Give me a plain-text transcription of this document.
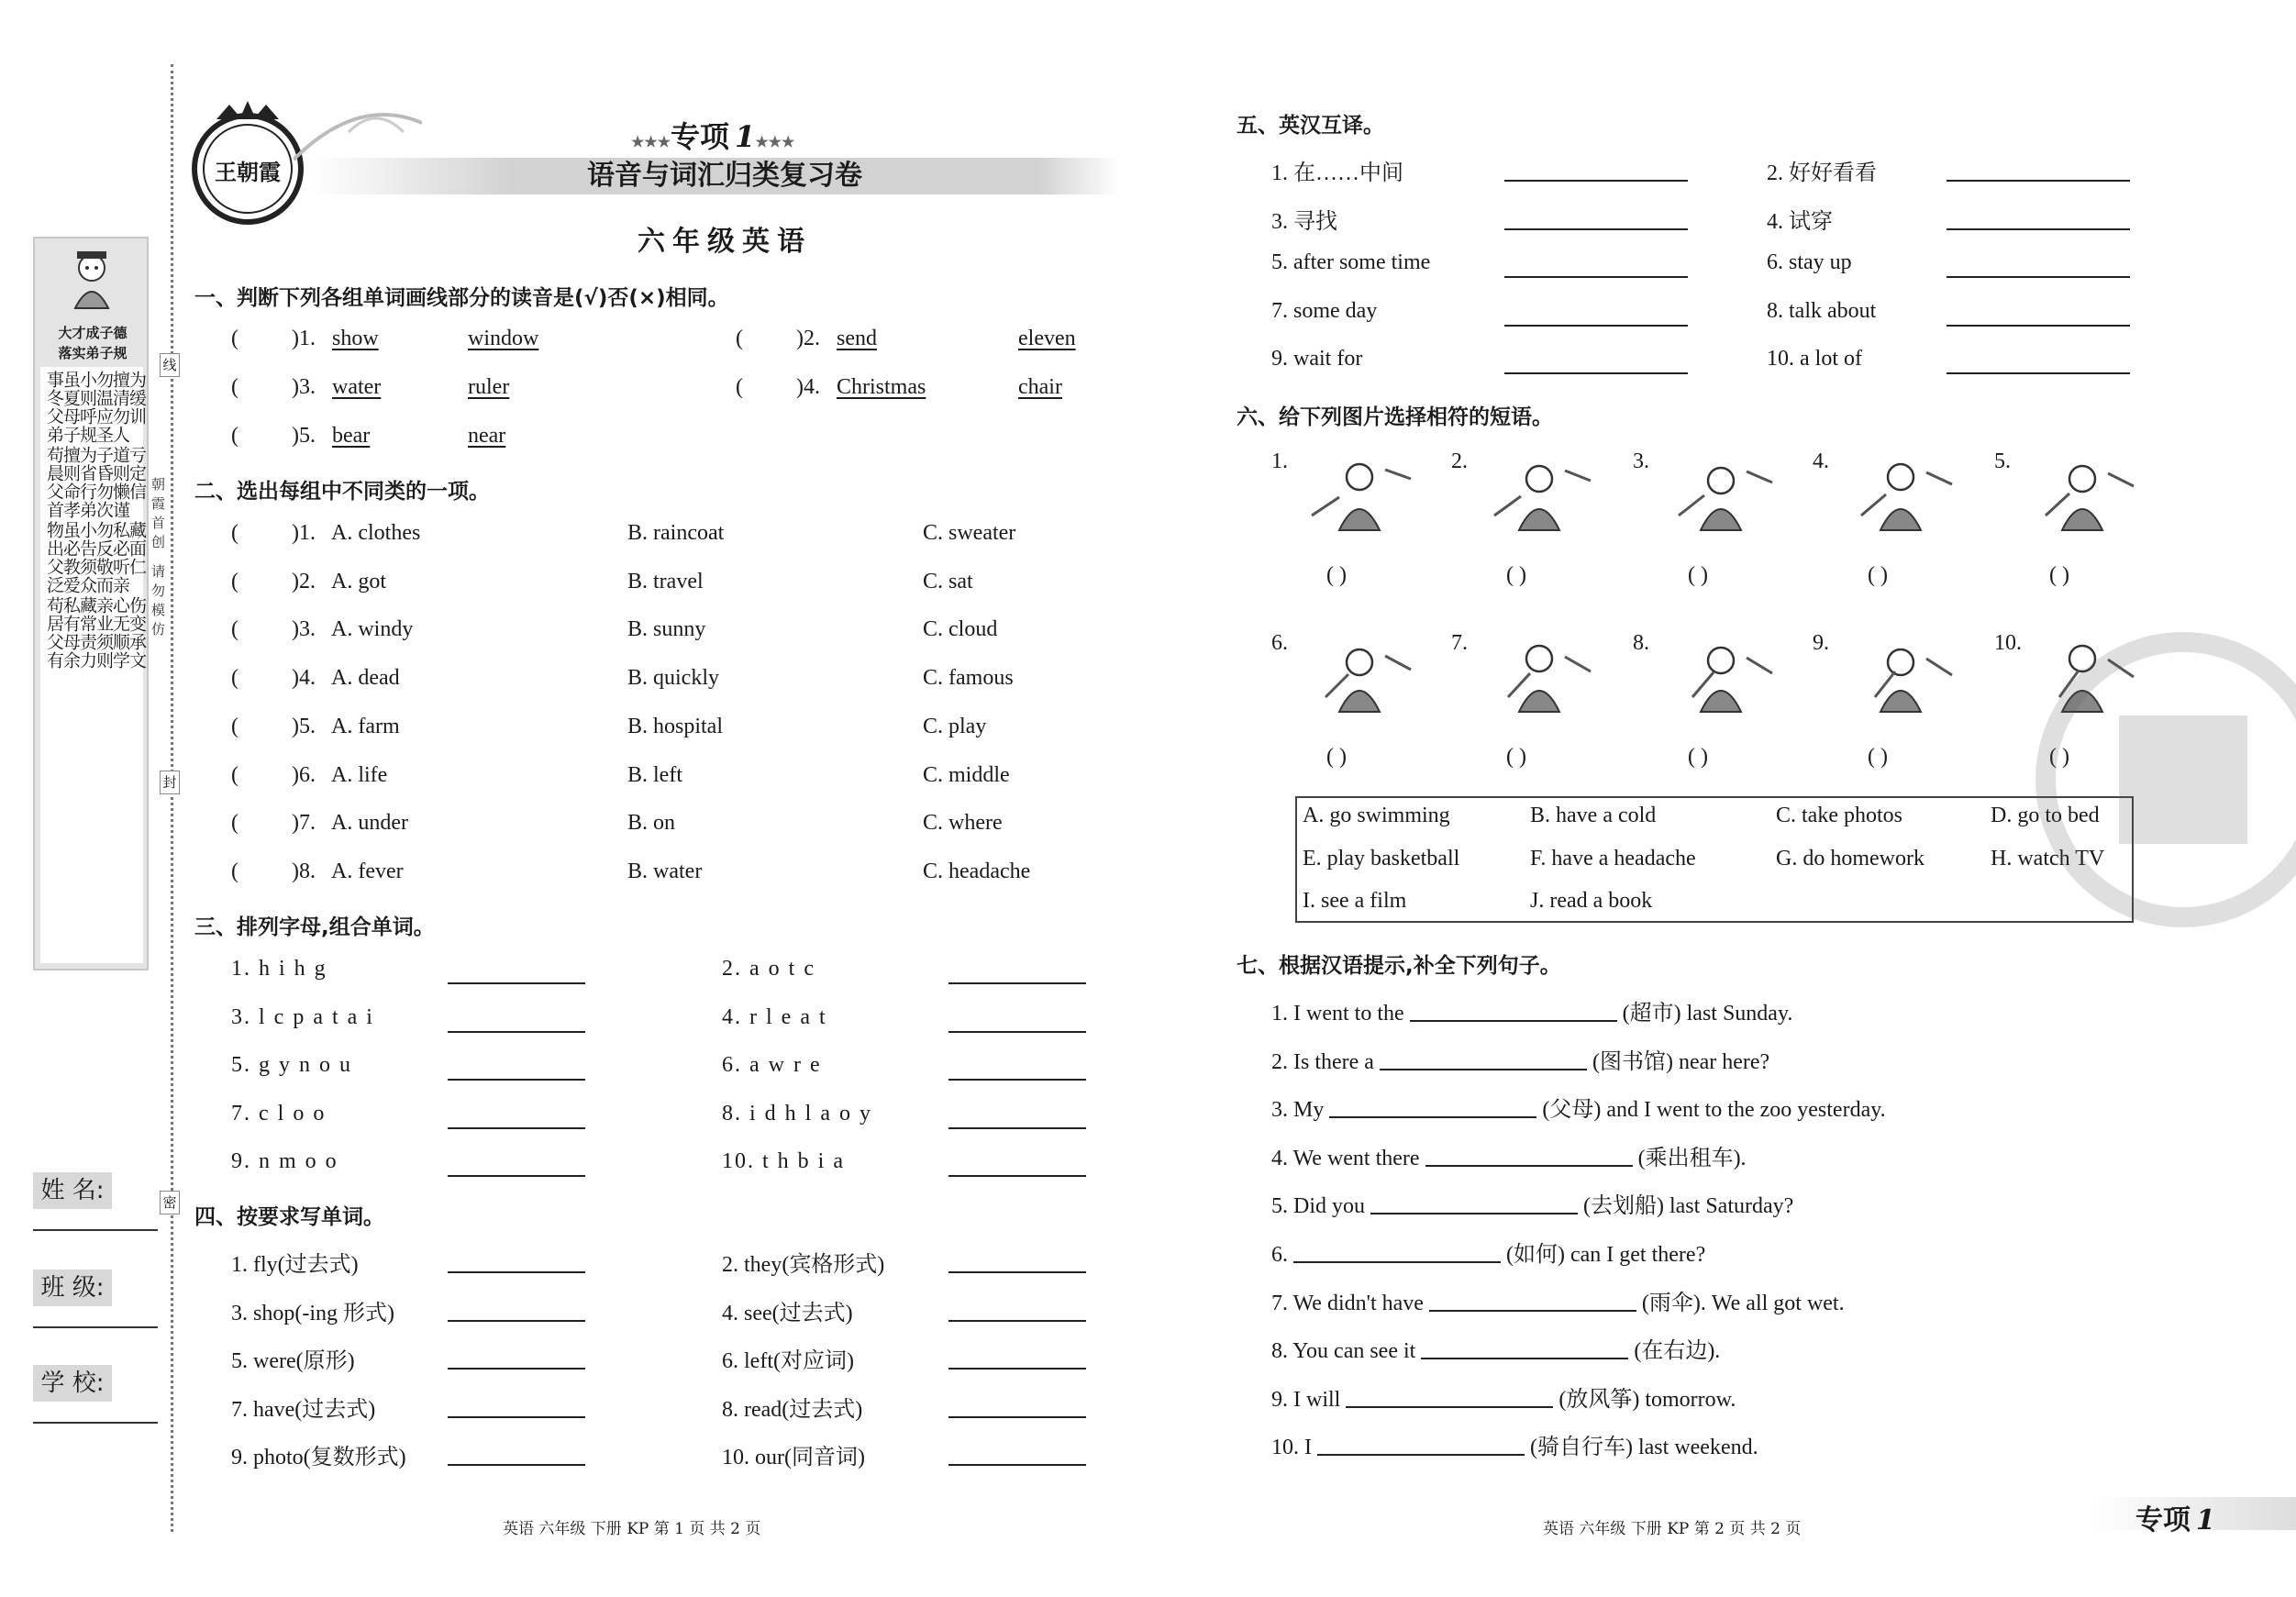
大才成子德
落实弟子规
事冬父弟
虽夏母子
小则呼规
勿温应圣
擅清勿人
为缓训
苟晨父首
擅则命孝
为省行弟
子昏勿次
道则懒谨
亏定信
物出父泛
虽必教爱
小告须众
勿反敬而
私必听亲
藏面仁
苟居父有
私有母余
藏常责力
亲业须则
心无顺学
伤变承文
线
封
密
朝霞首创 请勿模仿
姓 名:
班 级:
学 校:
王朝霞
★★★专项 1★★★
语音与词汇归类复习卷
六年级英语
一、判断下列各组单词画线部分的读音是(√)否(×)相同。
( )1. show	window	( )2. send	eleven
( )3. water	ruler	( )4. Christmas	chair
( )5. bear	near
二、选出每组中不同类的一项。
( )1. A. clothes	B. raincoat	C. sweater
( )2. A. got	B. travel	C. sat
( )3. A. windy	B. sunny	C. cloud
( )4. A. dead	B. quickly	C. famous
( )5. A. farm	B. hospital	C. play
( )6. A. life	B. left	C. middle
( )7. A. under	B. on	C. where
( )8. A. fever	B. water	C. headache
三、排列字母,组合单词。
1. h i h g	2. a o t c
3. l c p a t a i	4. r l e a t
5. g y n o u	6. a w r e
7. c l o o	8. i d h l a o y
9. n m o o	10. t h b i a
四、按要求写单词。
1. fly(过去式)	2. they(宾格形式)
3. shop(-ing 形式)	4. see(过去式)
5. were(原形)	6. left(对应词)
7. have(过去式)	8. read(过去式)
9. photo(复数形式)	10. our(同音词)
五、英汉互译。
1. 在……中间	2. 好好看看
3. 寻找	4. 试穿
5. after some time	6. stay up
7. some day	8. talk about
9. wait for	10. a lot of
六、给下列图片选择相符的短语。
1.
( )
2.
( )
3.
( )
4.
( )
5.
( )
6.
( )
7.
( )
8.
( )
9.
( )
10.
( )
A. go swimming	B. have a cold	C. take photos	D. go to bed
E. play basketball	F. have a headache	G. do homework	H. watch TV
I. see a film	J. read a book
七、根据汉语提示,补全下列句子。
1. I went to the	(超市) last Sunday.
2. Is there a	(图书馆) near here?
3. My	(父母) and I went to the zoo yesterday.
4. We went there	(乘出租车).
5. Did you	(去划船) last Saturday?
6.	(如何) can I get there?
7. We didn't have	(雨伞). We all got wet.
8. You can see it	(在右边).
9. I will	(放风筝) tomorrow.
10. I	(骑自行车) last weekend.
英语 六年级 下册 KP 第 1 页 共 2 页	英语 六年级 下册 KP 第 2 页 共 2 页	专项 1
